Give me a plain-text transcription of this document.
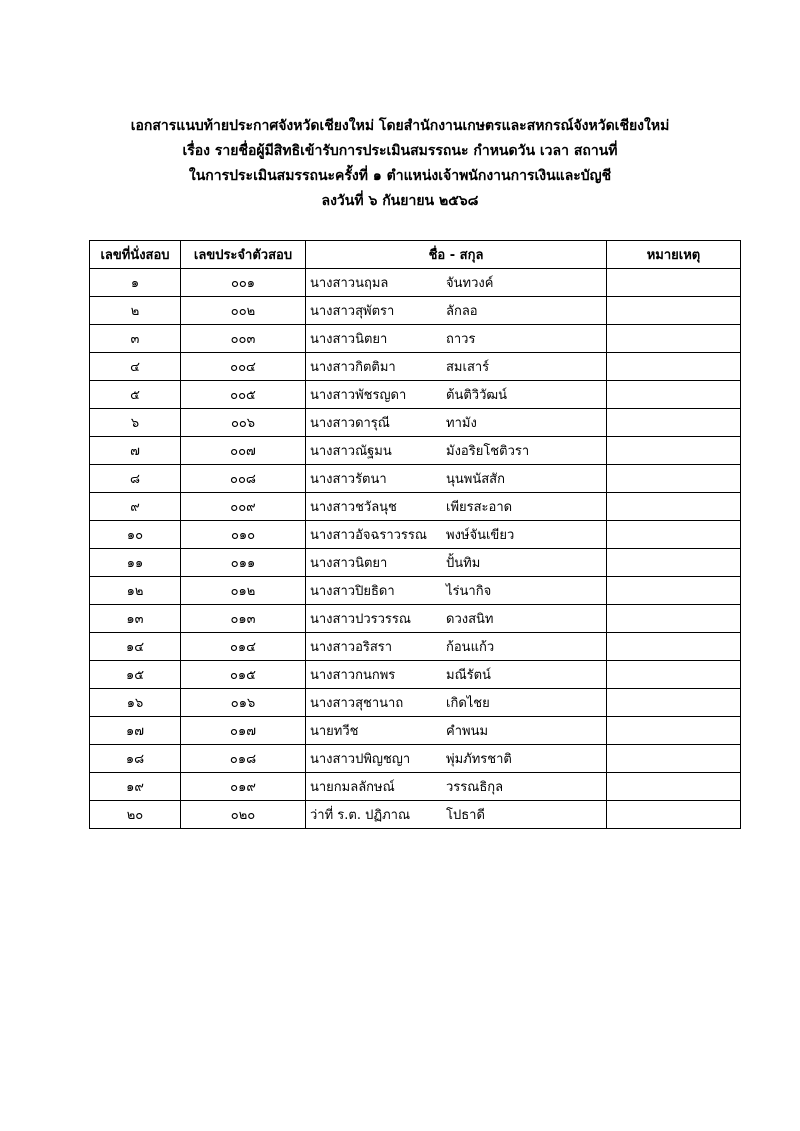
เอกสารแนบท้ายประกาศจังหวัดเชียงใหม่ โดยสำนักงานเกษตรและสหกรณ์จังหวัดเชียงใหม่
เรื่อง รายชื่อผู้มีสิทธิเข้ารับการประเมินสมรรถนะ กำหนดวัน เวลา สถานที่
ในการประเมินสมรรถนะครั้งที่ ๑ ตำแหน่งเจ้าพนักงานการเงินและบัญชี
ลงวันที่ ๖ กันยายน ๒๕๖๘
เลขที่นั่งสอบ	เลขประจำตัวสอบ	ชื่อ - สกุล	หมายเหตุ
๑	๐๐๑	นางสาวนฤมล จันทวงค์	
๒	๐๐๒	นางสาวสุพัตรา ลักลอ	
๓	๐๐๓	นางสาวนิตยา ถาวร	
๔	๐๐๔	นางสาวกิตติมา สมเสาร์	
๕	๐๐๕	นางสาวพัชรญดา ต้นติวิวัฒน์	
๖	๐๐๖	นางสาวดารุณี ทามัง	
๗	๐๐๗	นางสาวณัฐมน มังอริยโชติวรา	
๘	๐๐๘	นางสาวรัตนา นุนพนัสสัก	
๙	๐๐๙	นางสาวชวัลนุช เพียรสะอาด	
๑๐	๐๑๐	นางสาวอัจฉราวรรณ พงษ์จันเขียว	
๑๑	๐๑๑	นางสาวนิตยา ปั้นทิม	
๑๒	๐๑๒	นางสาวปิยธิดา ไร่นากิจ	
๑๓	๐๑๓	นางสาวปวรวรรณ ดวงสนิท	
๑๔	๐๑๔	นางสาวอริสรา ก้อนแก้ว	
๑๕	๐๑๕	นางสาวกนกพร มณีรัตน์	
๑๖	๐๑๖	นางสาวสุชานาถ เกิดไชย	
๑๗	๐๑๗	นายทวีช คำพนม	
๑๘	๐๑๘	นางสาวปพิญชญา พุ่มภัทรชาติ	
๑๙	๐๑๙	นายกมลลักษณ์ วรรณธิกุล	
๒๐	๐๒๐	ว่าที่ ร.ต. ปฏิภาณ โปธาดี	
